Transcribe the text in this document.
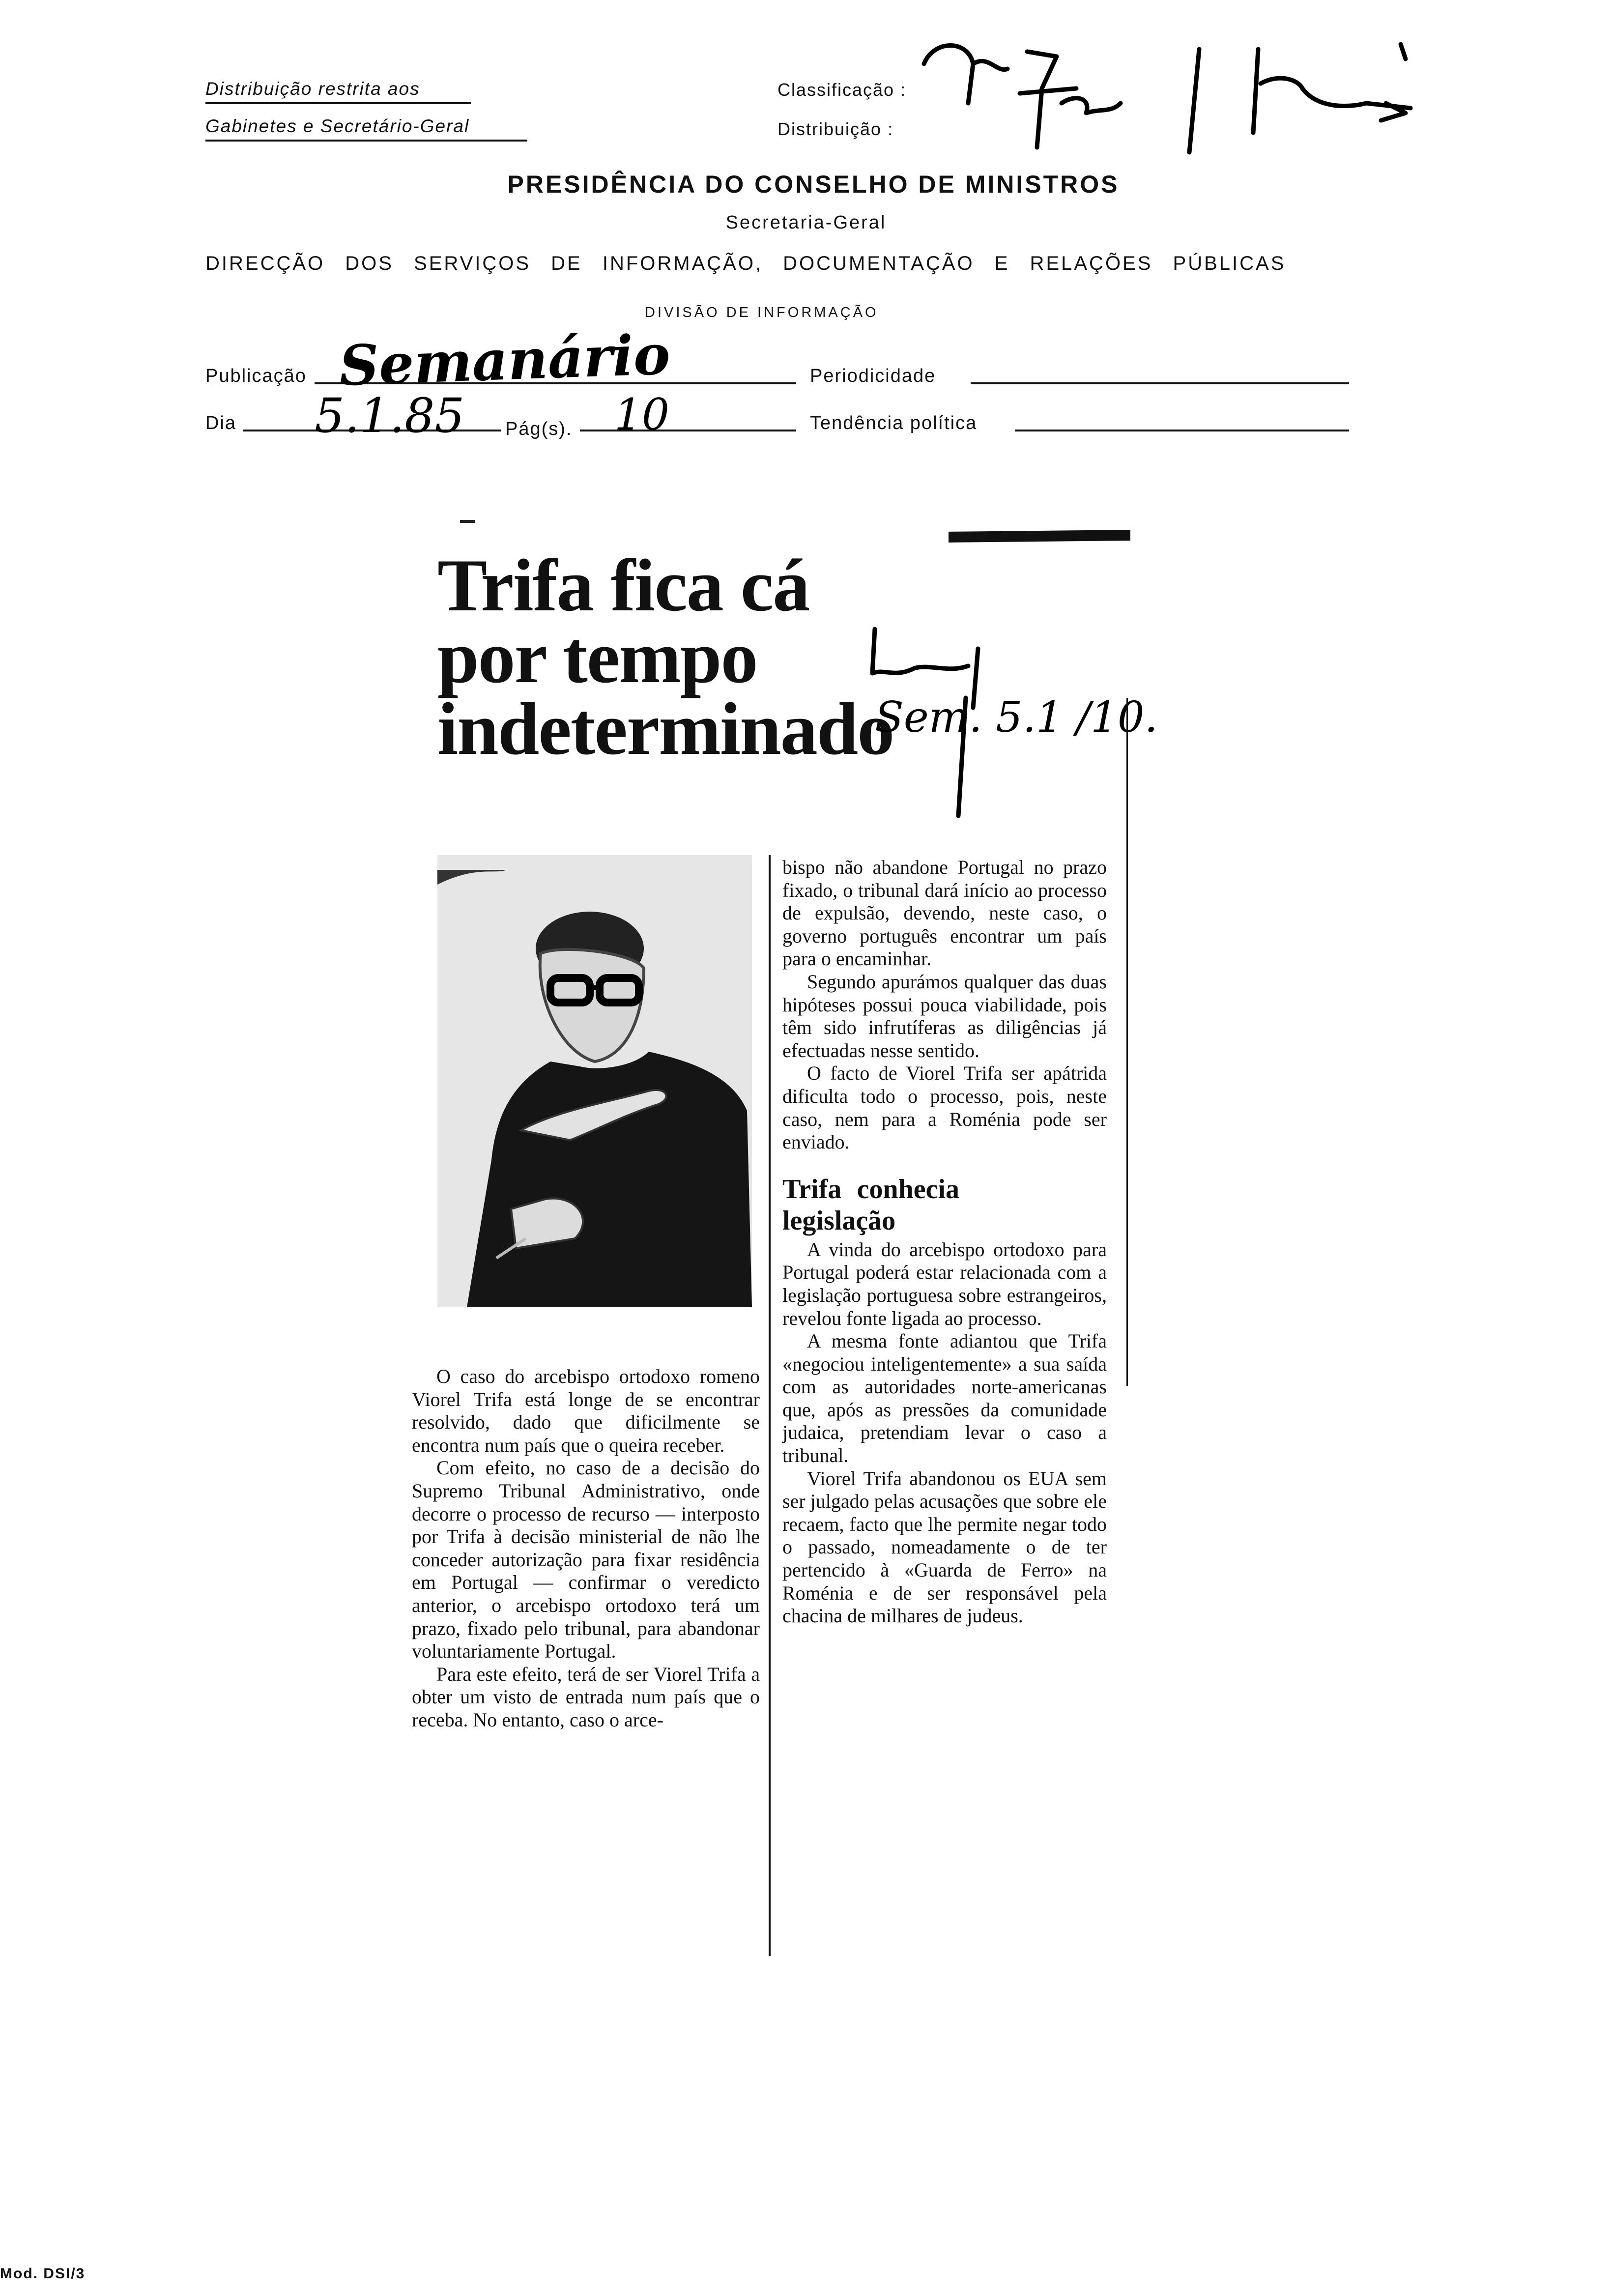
Distribuição restrita aos
Gabinetes e Secretário-Geral
Classificação :
Distribuição :
PRESIDÊNCIA DO CONSELHO DE MINISTROS
Secretaria-Geral
DIRECÇÃO DOS SERVIÇOS DE INFORMAÇÃO, DOCUMENTAÇÃO E RELAÇÕES PÚBLICAS
DIVISÃO DE INFORMAÇÃO
Publicação Semanário	Periodicidade
Dia 5.1.85 Pág(s). 10	Tendência política
Trifa fica cá
por tempo
indeterminado
Sem. 5.1 /10.

O caso do arcebispo ortodoxo romeno Viorel Trifa está longe de se encontrar resolvido, dado que dificilmente se encontra num país que o queira receber.

Com efeito, no caso de a decisão do Supremo Tribunal Administrativo, onde decorre o processo de recurso — interposto por Trifa à decisão ministerial de não lhe conceder autorização para fixar residência em Portugal — confirmar o veredicto anterior, o arcebispo ortodoxo terá um prazo, fixado pelo tribunal, para abandonar voluntariamente Portugal.

Para este efeito, terá de ser Viorel Trifa a obter um visto de entrada num país que o receba. No entanto, caso o arce-

bispo não abandone Portugal no prazo fixado, o tribunal dará início ao processo de expulsão, devendo, neste caso, o governo português encontrar um país para o encaminhar.

Segundo apurámos qualquer das duas hipóteses possui pouca viabilidade, pois têm sido infrutíferas as diligências já efectuadas nesse sentido.

O facto de Viorel Trifa ser apátrida dificulta todo o processo, pois, neste caso, nem para a Roménia pode ser enviado.

Trifa conhecia legislação

A vinda do arcebispo ortodoxo para Portugal poderá estar relacionada com a legislação portuguesa sobre estrangeiros, revelou fonte ligada ao processo.

A mesma fonte adiantou que Trifa «negociou inteligentemente» a sua saída com as autoridades norte-americanas que, após as pressões da comunidade judaica, pretendiam levar o caso a tribunal.

Viorel Trifa abandonou os EUA sem ser julgado pelas acusações que sobre ele recaem, facto que lhe permite negar todo o passado, nomeadamente o de ter pertencido à «Guarda de Ferro» na Roménia e de ser responsável pela chacina de milhares de judeus.

Mod. DSI/3
